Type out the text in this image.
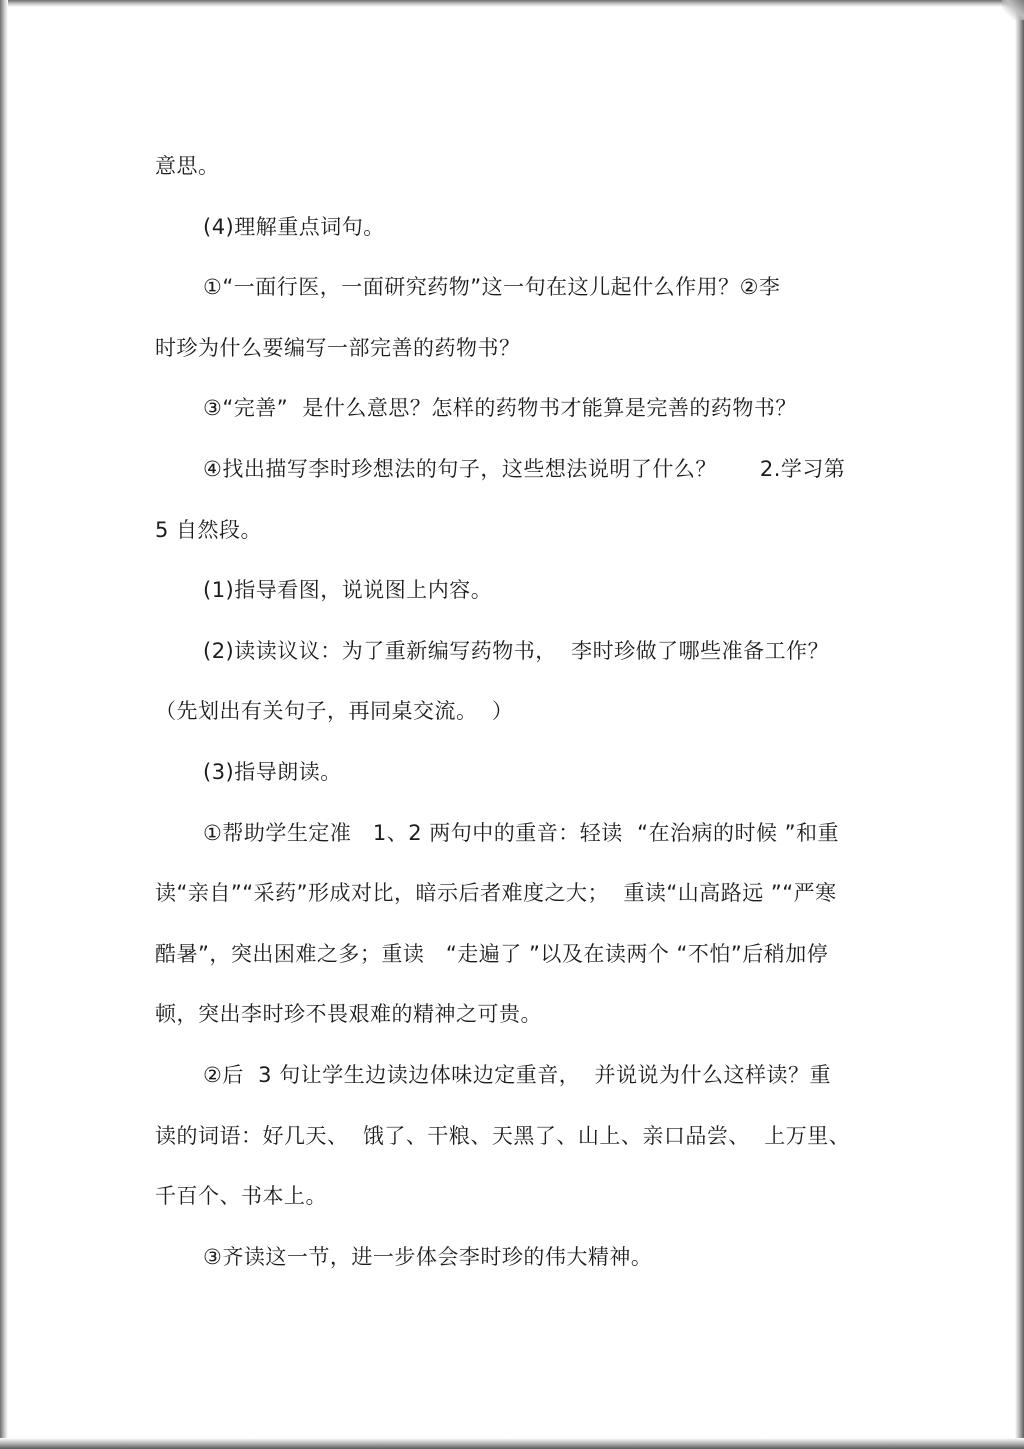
意思。
(4)理解重点词句。
①“一面行医，一面研究药物”这一句在这儿起什么作用？②李
时珍为什么要编写一部完善的药物书？
③“完善”  是什么意思？怎样的药物书才能算是完善的药物书？
④找出描写李时珍想法的句子，这些想法说明了什么？      2.学习第
5 自然段。
(1)指导看图，说说图上内容。
(2)读读议议：为了重新编写药物书，  李时珍做了哪些准备工作？
（先划出有关句子，再同桌交流。  ）
(3)指导朗读。
①帮助学生定准   1、2 两句中的重音：轻读  “在治病的时候 ”和重
读“亲自”“采药”形成对比，暗示后者难度之大；  重读“山高路远 ”“严寒
酷暑”，突出困难之多；重读   “走遍了 ”以及在读两个 “不怕”后稍加停
顿，突出李时珍不畏艰难的精神之可贵。
②后  3 句让学生边读边体味边定重音，  并说说为什么这样读？重
读的词语：好几天、  饿了、干粮、天黑了、山上、亲口品尝、  上万里、
千百个、书本上。
③齐读这一节，进一步体会李时珍的伟大精神。
